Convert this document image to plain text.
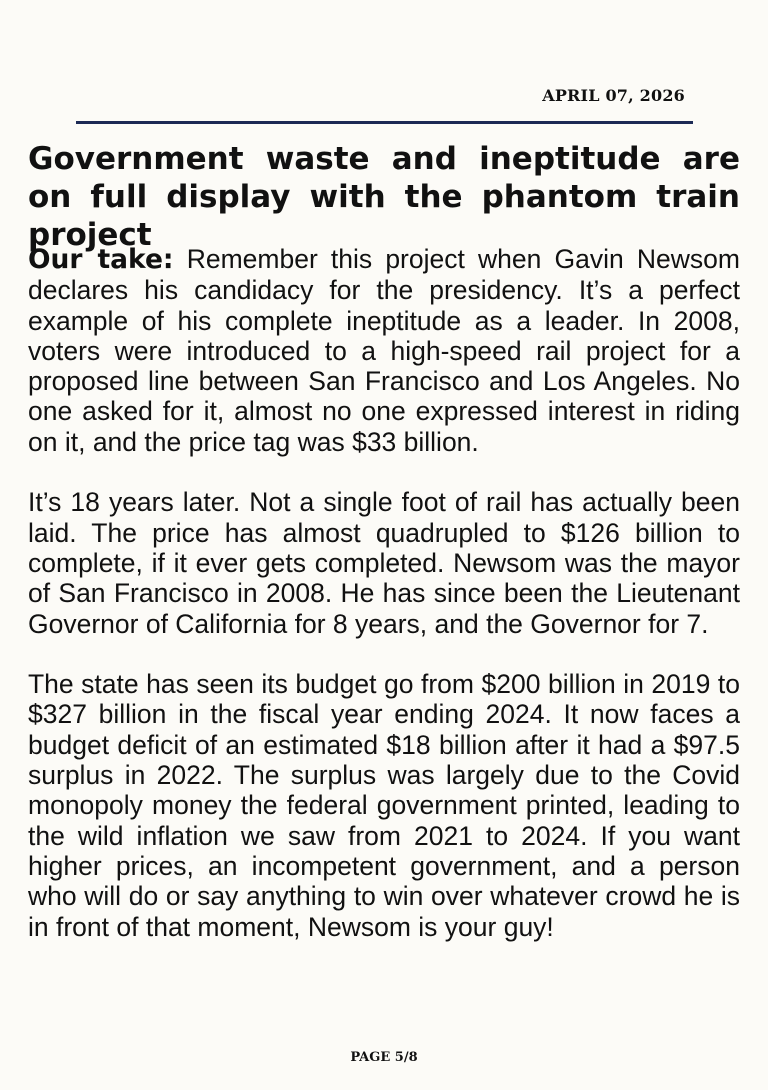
APRIL 07, 2026
Government waste and ineptitude are on full display with the phantom train project

Our take: Remember this project when Gavin Newsom declares his candidacy for the presidency. It’s a perfect example of his complete ineptitude as a leader. In 2008, voters were introduced to a high-speed rail project for a proposed line between San Francisco and Los Angeles. No one asked for it, almost no one expressed interest in riding on it, and the price tag was $33 billion.

It’s 18 years later. Not a single foot of rail has actually been laid. The price has almost quadrupled to $126 billion to complete, if it ever gets completed. Newsom was the mayor of San Francisco in 2008. He has since been the Lieutenant Governor of California for 8 years, and the Governor for 7.

The state has seen its budget go from $200 billion in 2019 to $327 billion in the fiscal year ending 2024. It now faces a budget deficit of an estimated $18 billion after it had a $97.5 surplus in 2022. The surplus was largely due to the Covid monopoly money the federal government printed, leading to the wild inflation we saw from 2021 to 2024. If you want higher prices, an incompetent government, and a person who will do or say anything to win over whatever crowd he is in front of that moment, Newsom is your guy!

PAGE 5/8
